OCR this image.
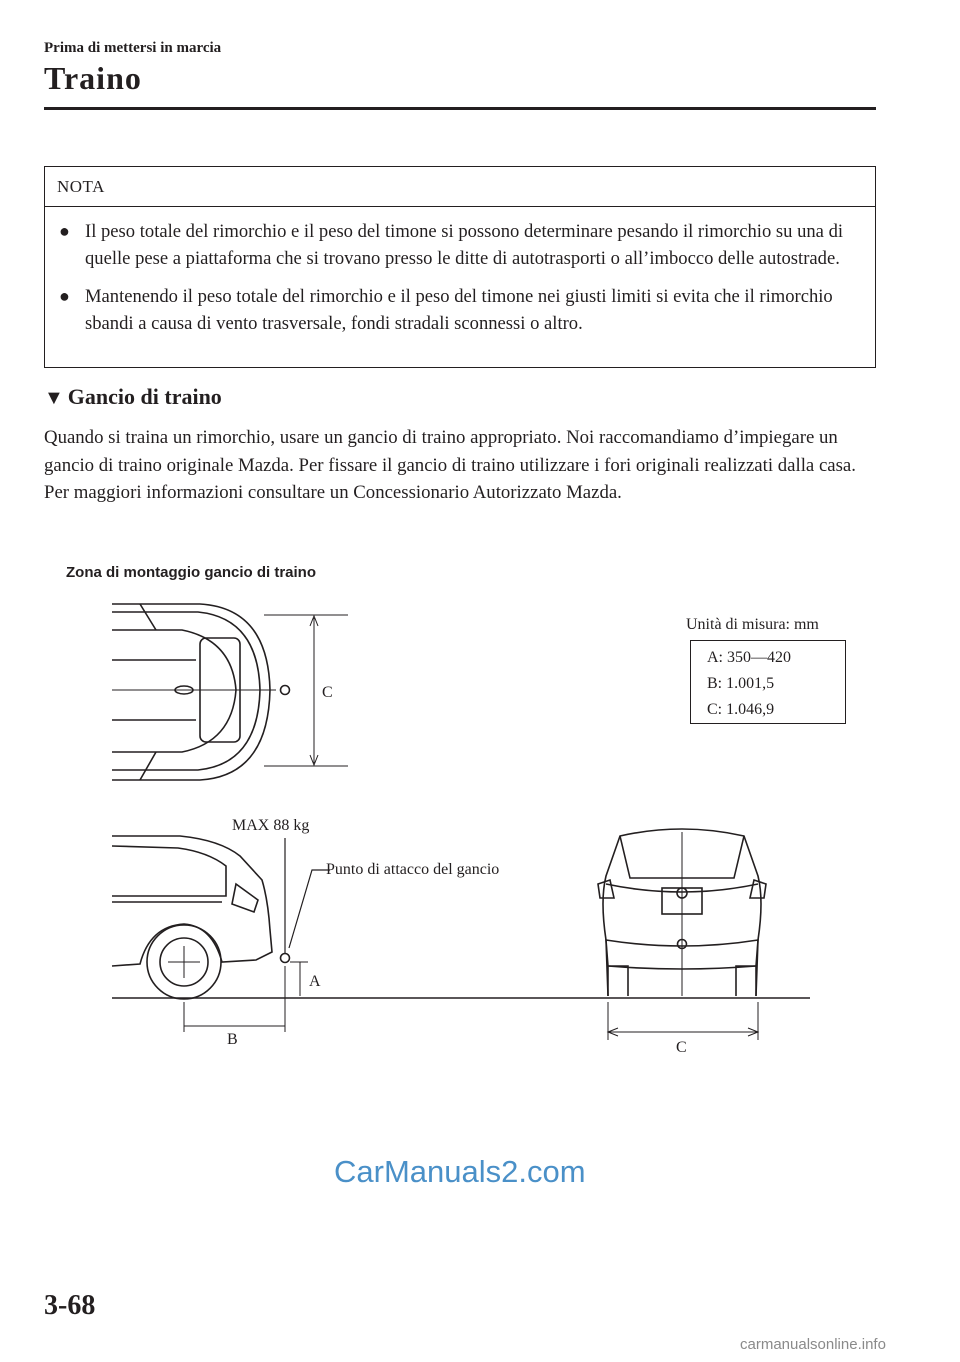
Prima di mettersi in marcia
Traino
NOTA
● Il peso totale del rimorchio e il peso del timone si possono determinare pesando il rimorchio su una di quelle pese a piattaforma che si trovano presso le ditte di autotrasporti o all’imbocco delle autostrade.
● Mantenendo il peso totale del rimorchio e il peso del timone nei giusti limiti si evita che il rimorchio sbandi a causa di vento trasversale, fondi stradali sconnessi o altro.
▼ Gancio di traino
Quando si traina un rimorchio, usare un gancio di traino appropriato. Noi raccomandiamo d’impiegare un gancio di traino originale Mazda. Per fissare il gancio di traino utilizzare i fori originali realizzati dalla casa. Per maggiori informazioni consultare un Concessionario Autorizzato Mazda.
Zona di montaggio gancio di traino
C
MAX 88 kg
Punto di attacco del gancio
A
B	C
Unità di misura: mm
A: 350—420
B: 1.001,5
C: 1.046,9
CarManuals2.com
3-68
carmanualsonline.info
